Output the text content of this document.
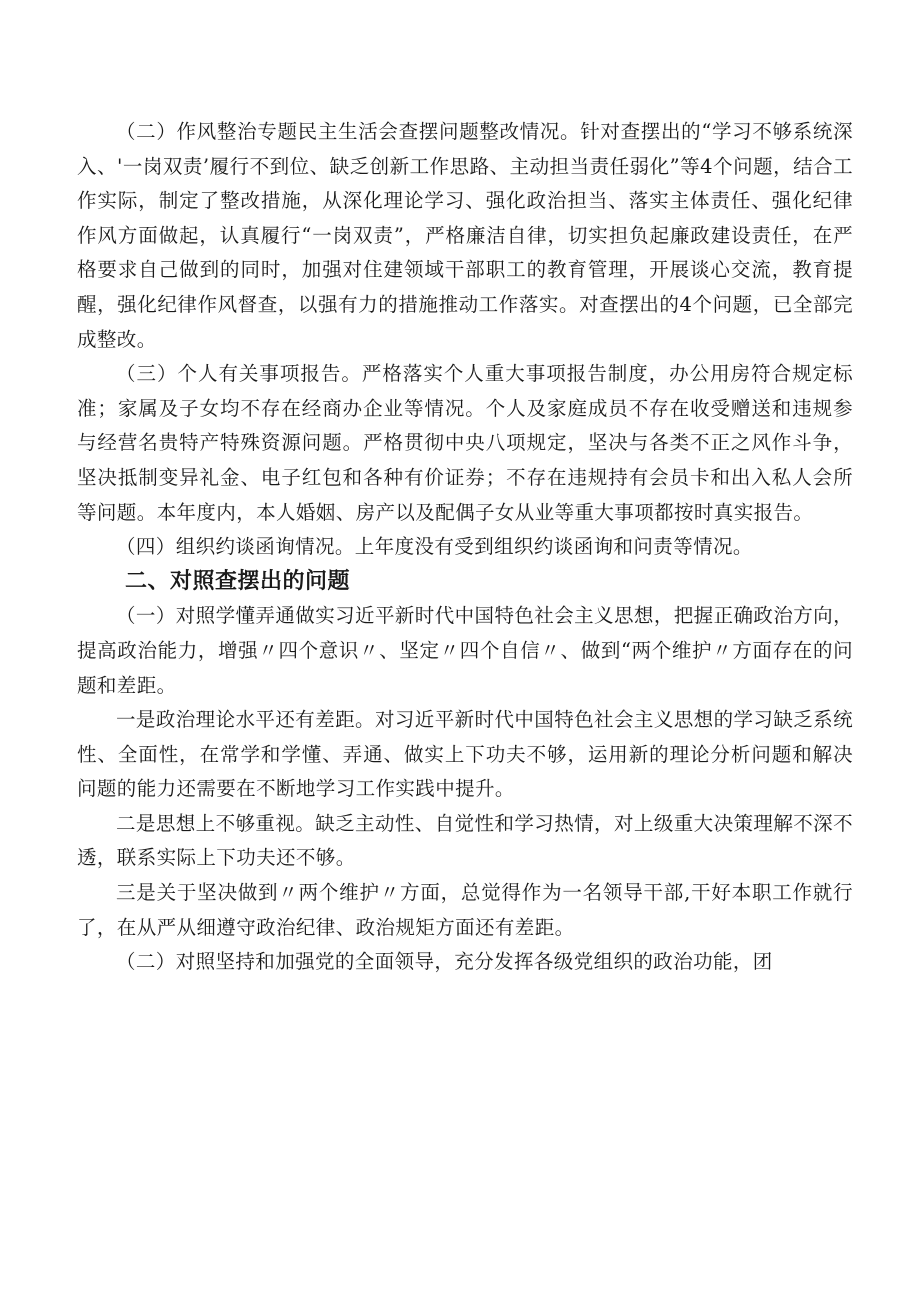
（二）作风整治专题民主生活会查摆问题整改情况。针对查摆出的“学习不够系统深入、'一岗双责’履行不到位、缺乏创新工作思路、主动担当责任弱化”等4个问题，结合工作实际，制定了整改措施，从深化理论学习、强化政治担当、落实主体责任、强化纪律作风方面做起，认真履行“一岗双责”，严格廉洁自律，切实担负起廉政建设责任，在严格要求自己做到的同时，加强对住建领域干部职工的教育管理，开展谈心交流，教育提醒，强化纪律作风督查，以强有力的措施推动工作落实。对查摆出的4个问题，已全部完成整改。

（三）个人有关事项报告。严格落实个人重大事项报告制度，办公用房符合规定标准；家属及子女均不存在经商办企业等情况。个人及家庭成员不存在收受赠送和违规参与经营名贵特产特殊资源问题。严格贯彻中央八项规定，坚决与各类不正之风作斗争，坚决抵制变异礼金、电子红包和各种有价证券；不存在违规持有会员卡和出入私人会所等问题。本年度内，本人婚姻、房产以及配偶子女从业等重大事项都按时真实报告。

（四）组织约谈函询情况。上年度没有受到组织约谈函询和问责等情况。

二、对照查摆出的问题

（一）对照学懂弄通做实习近平新时代中国特色社会主义思想，把握正确政治方向，提高政治能力，增强〃四个意识〃、坚定〃四个自信〃、做到“两个维护〃方面存在的问题和差距。

一是政治理论水平还有差距。对习近平新时代中国特色社会主义思想的学习缺乏系统性、全面性，在常学和学懂、弄通、做实上下功夫不够，运用新的理论分析问题和解决问题的能力还需要在不断地学习工作实践中提升。

二是思想上不够重视。缺乏主动性、自觉性和学习热情，对上级重大决策理解不深不透，联系实际上下功夫还不够。

三是关于坚决做到〃两个维护〃方面，总觉得作为一名领导干部,干好本职工作就行了，在从严从细遵守政治纪律、政治规矩方面还有差距。

（二）对照坚持和加强党的全面领导，充分发挥各级党组织的政治功能，团
